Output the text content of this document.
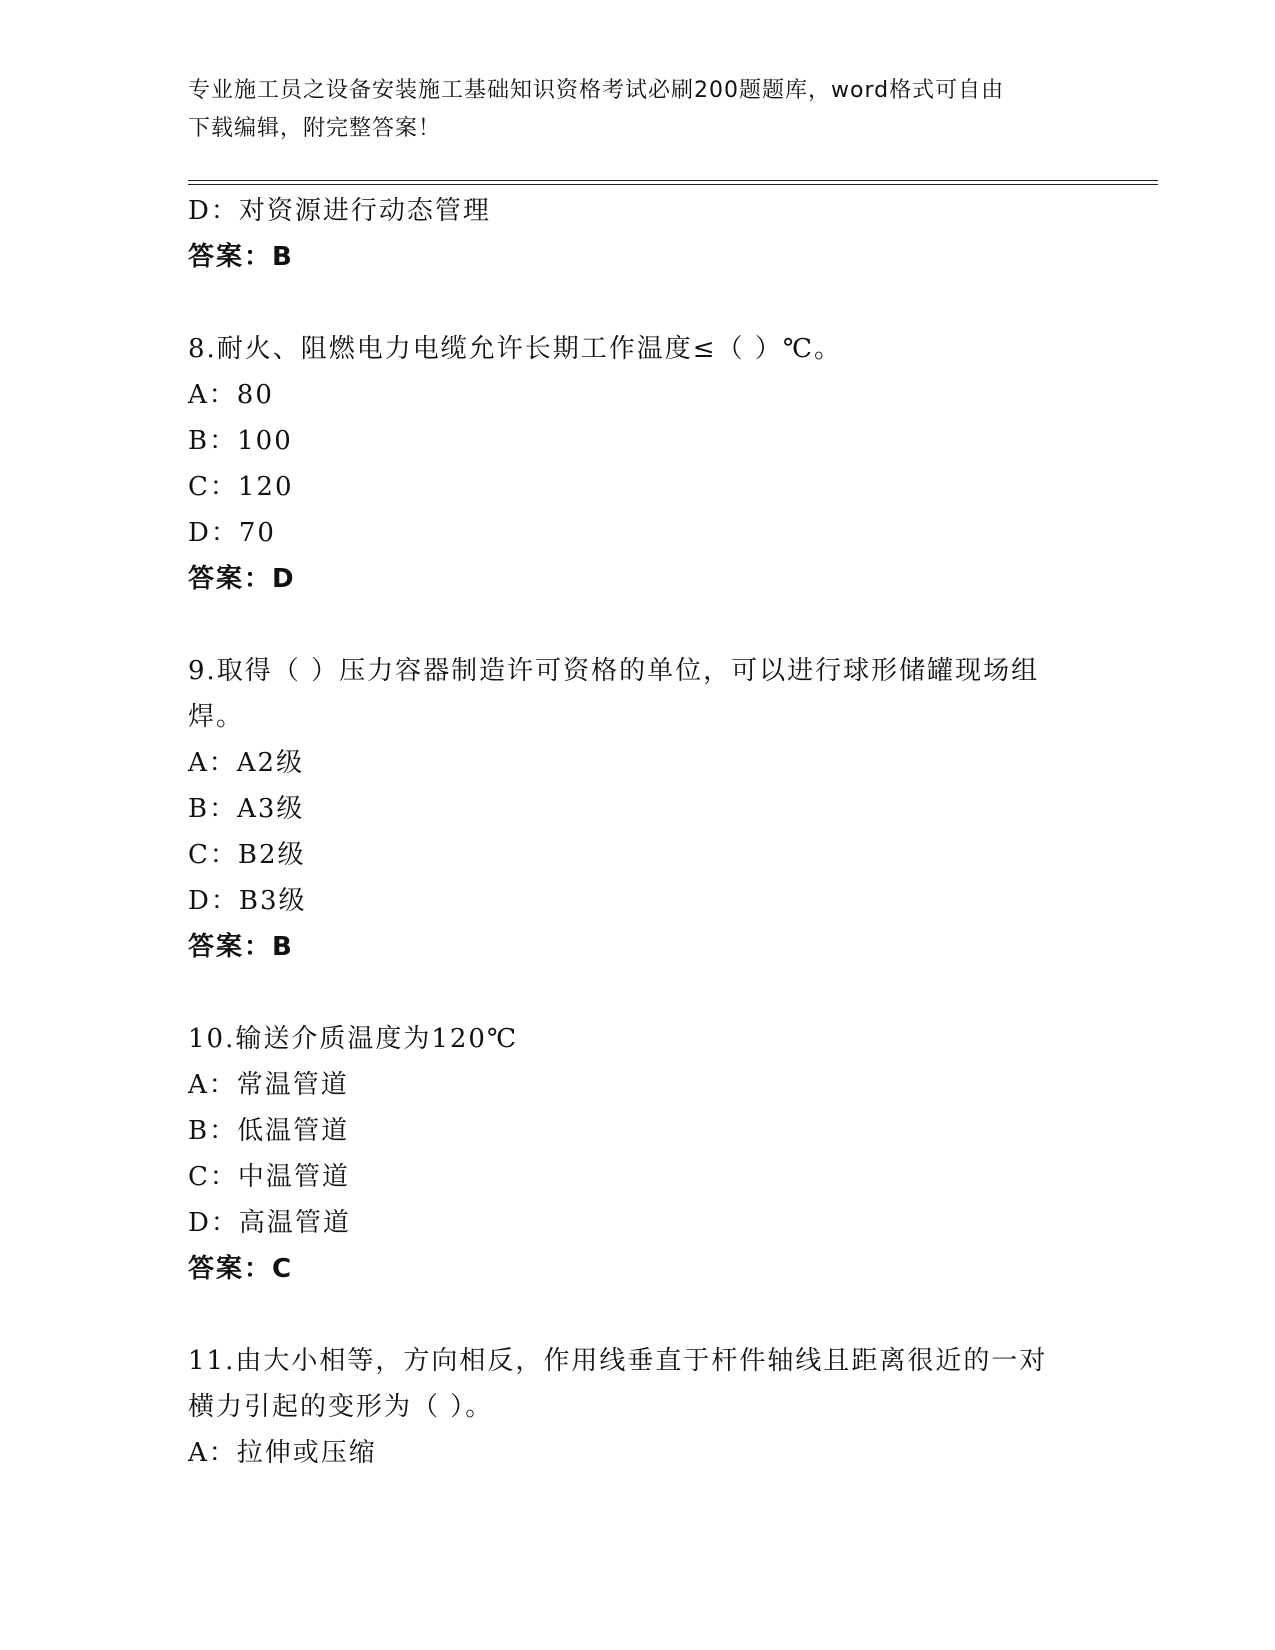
专业施工员之设备安装施工基础知识资格考试必刷200题题库，word格式可自由
下载编辑，附完整答案！
D：对资源进行动态管理
答案：B
8.耐火、阻燃电力电缆允许长期工作温度≤（ ）℃。
A：80
B：100
C：120
D：70
答案：D
9.取得（ ）压力容器制造许可资格的单位，可以进行球形储罐现场组
焊。
A：A2级
B：A3级
C：B2级
D：B3级
答案：B
10.输送介质温度为120℃
A：常温管道
B：低温管道
C：中温管道
D：高温管道
答案：C
11.由大小相等，方向相反，作用线垂直于杆件轴线且距离很近的一对
横力引起的变形为（ ）。
A：拉伸或压缩
